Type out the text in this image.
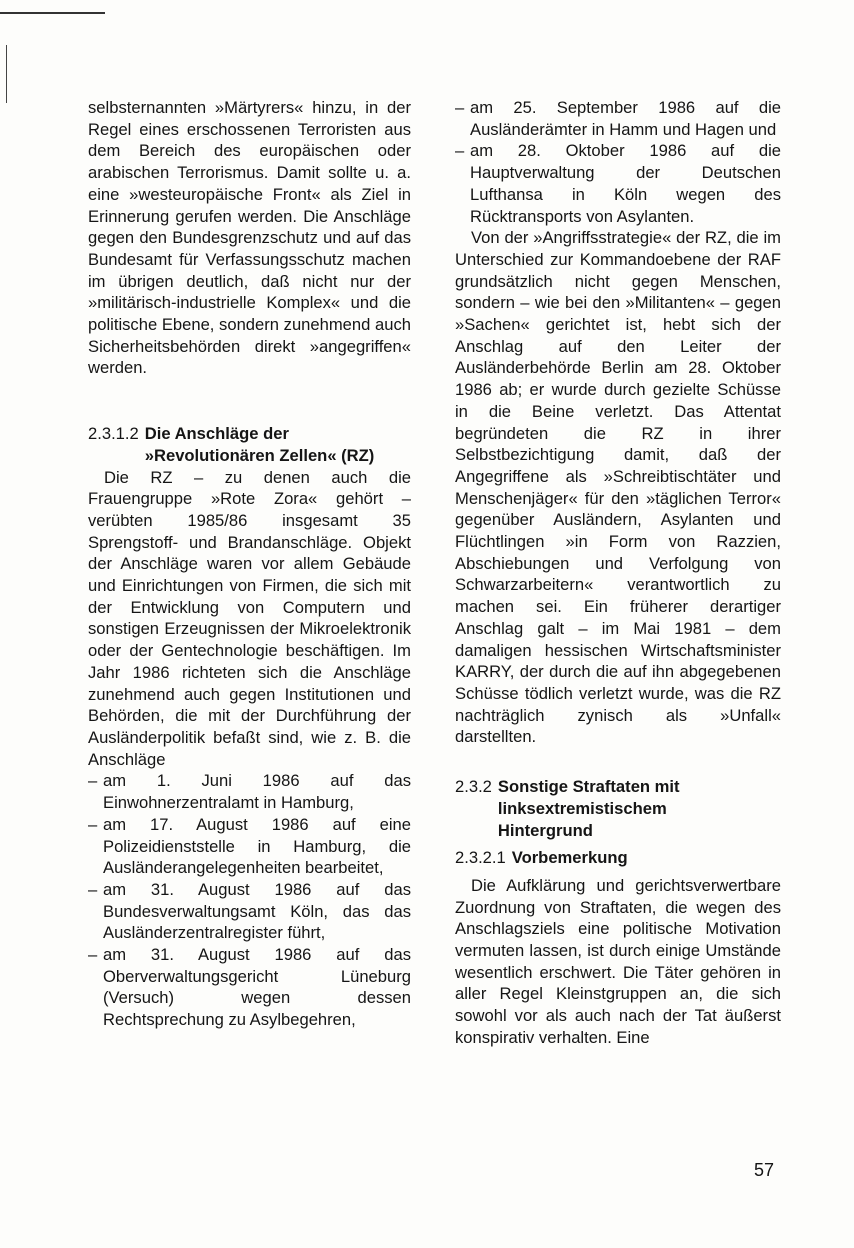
selbsternannten »Märtyrers« hinzu, in der Regel eines erschossenen Terroristen aus dem Bereich des europäischen oder arabischen Terrorismus. Damit sollte u. a. eine »westeuropäische Front« als Ziel in Erinnerung gerufen werden. Die Anschläge gegen den Bundesgrenzschutz und auf das Bundesamt für Verfassungsschutz machen im übrigen deutlich, daß nicht nur der »militärisch-industrielle Komplex« und die politische Ebene, sondern zunehmend auch Sicherheitsbehörden direkt »angegriffen« werden.

2.3.1.2 Die Anschläge der
»Revolutionären Zellen« (RZ)

Die RZ – zu denen auch die Frauengruppe »Rote Zora« gehört – verübten 1985/86 insgesamt 35 Sprengstoff- und Brandanschläge. Objekt der Anschläge waren vor allem Gebäude und Einrichtungen von Firmen, die sich mit der Entwicklung von Computern und sonstigen Erzeugnissen der Mikroelektronik oder der Gentechnologie beschäftigen. Im Jahr 1986 richteten sich die Anschläge zunehmend auch gegen Institutionen und Behörden, die mit der Durchführung der Ausländerpolitik befaßt sind, wie z. B. die Anschläge

– am 1. Juni 1986 auf das Einwohnerzentralamt in Hamburg,
– am 17. August 1986 auf eine Polizeidienststelle in Hamburg, die Ausländerangelegenheiten bearbeitet,
– am 31. August 1986 auf das Bundesverwaltungsamt Köln, das das Ausländerzentralregister führt,
– am 31. August 1986 auf das Oberverwaltungsgericht Lüneburg (Versuch) wegen dessen Rechtsprechung zu Asylbegehren,
– am 25. September 1986 auf die Ausländerämter in Hamm und Hagen und
– am 28. Oktober 1986 auf die Hauptverwaltung der Deutschen Lufthansa in Köln wegen des Rücktransports von Asylanten.

Von der »Angriffsstrategie« der RZ, die im Unterschied zur Kommandoebene der RAF grundsätzlich nicht gegen Menschen, sondern – wie bei den »Militanten« – gegen »Sachen« gerichtet ist, hebt sich der Anschlag auf den Leiter der Ausländerbehörde Berlin am 28. Oktober 1986 ab; er wurde durch gezielte Schüsse in die Beine verletzt. Das Attentat begründeten die RZ in ihrer Selbstbezichtigung damit, daß der Angegriffene als »Schreibtischtäter und Menschenjäger« für den »täglichen Terror« gegenüber Ausländern, Asylanten und Flüchtlingen »in Form von Razzien, Abschiebungen und Verfolgung von Schwarzarbeitern« verantwortlich zu machen sei. Ein früherer derartiger Anschlag galt – im Mai 1981 – dem damaligen hessischen Wirtschaftsminister KARRY, der durch die auf ihn abgegebenen Schüsse tödlich verletzt wurde, was die RZ nachträglich zynisch als »Unfall« darstellten.

2.3.2 Sonstige Straftaten mit
linksextremistischem
Hintergrund
2.3.2.1 Vorbemerkung

Die Aufklärung und gerichtsverwertbare Zuordnung von Straftaten, die wegen des Anschlagsziels eine politische Motivation vermuten lassen, ist durch einige Umstände wesentlich erschwert. Die Täter gehören in aller Regel Kleinstgruppen an, die sich sowohl vor als auch nach der Tat äußerst konspirativ verhalten. Eine

57
